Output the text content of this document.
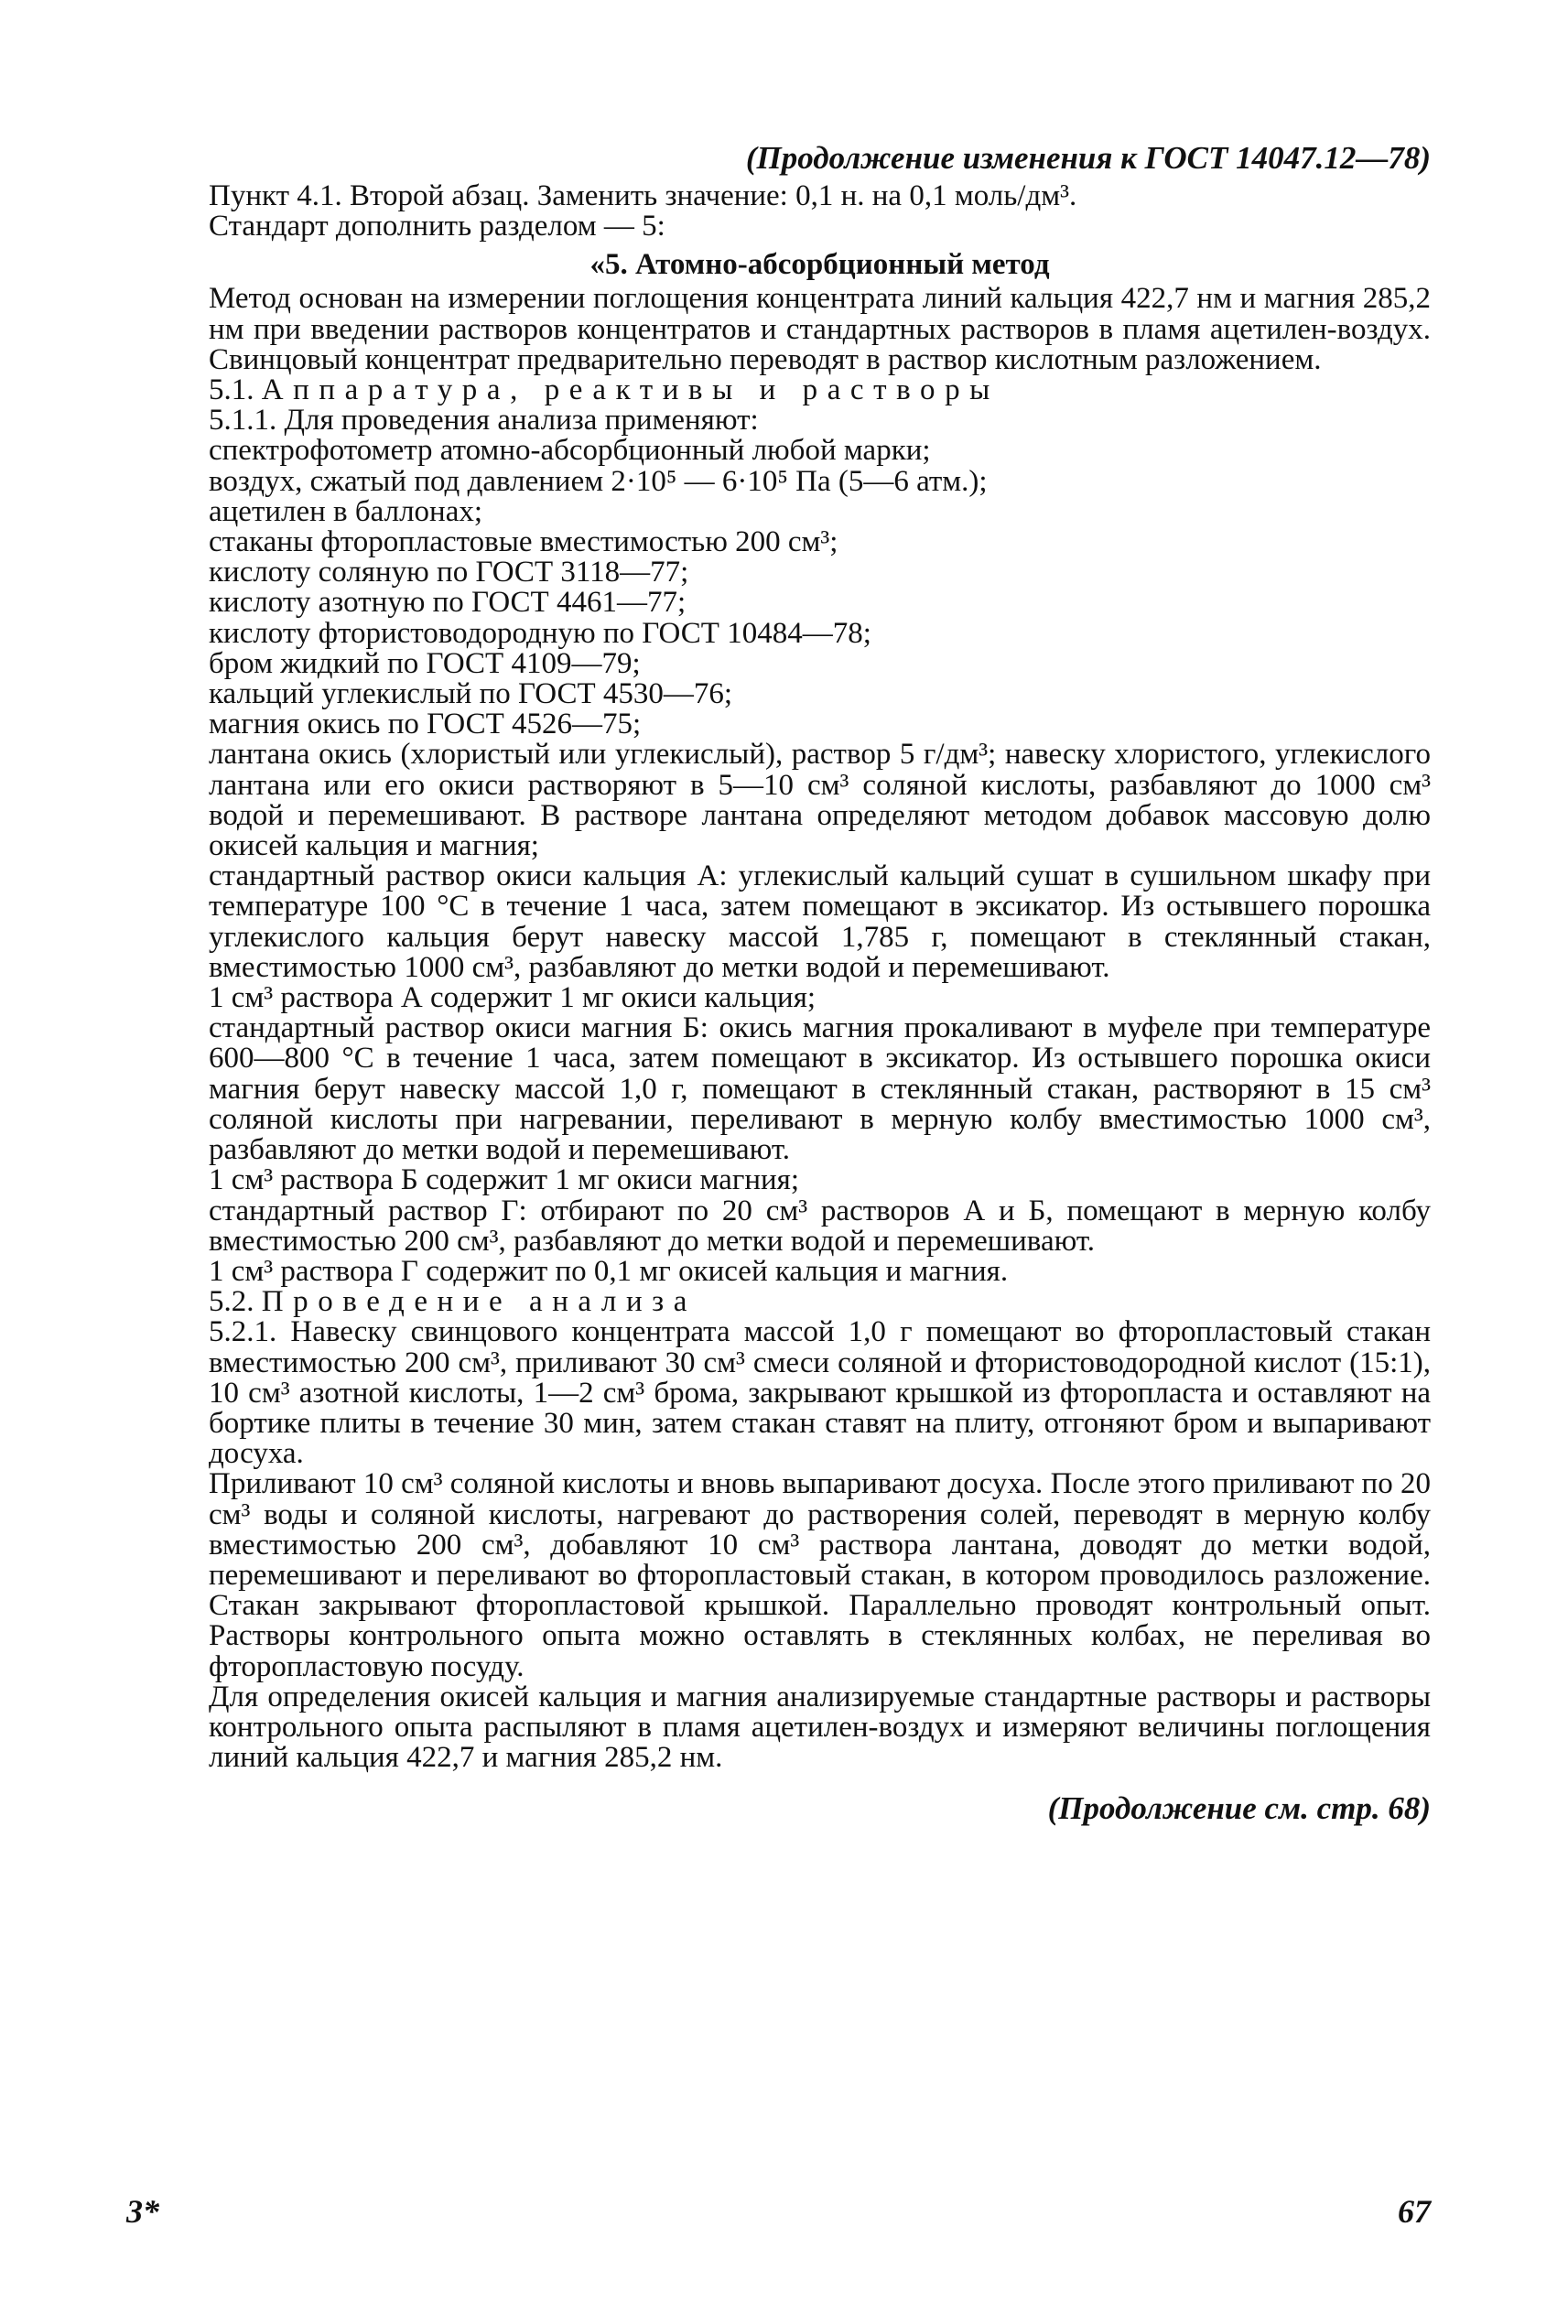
(Продолжение изменения к ГОСТ 14047.12—78)

Пункт 4.1. Второй абзац. Заменить значение: 0,1 н. на 0,1 моль/дм³.

Стандарт дополнить разделом — 5:

«5. Атомно-абсорбционный метод

Метод основан на измерении поглощения концентрата линий кальция 422,7 нм и магния 285,2 нм при введении растворов концентратов и стандартных растворов в пламя ацетилен-воздух. Свинцовый концентрат предварительно переводят в раствор кислотным разложением.

5.1. Аппаратура, реактивы и растворы

5.1.1. Для проведения анализа применяют:

спектрофотометр атомно-абсорбционный любой марки;

воздух, сжатый под давлением 2·10⁵ — 6·10⁵ Па (5—6 атм.);

ацетилен в баллонах;

стаканы фторопластовые вместимостью 200 см³;

кислоту соляную по ГОСТ 3118—77;

кислоту азотную по ГОСТ 4461—77;

кислоту фтористоводородную по ГОСТ 10484—78;

бром жидкий по ГОСТ 4109—79;

кальций углекислый по ГОСТ 4530—76;

магния окись по ГОСТ 4526—75;

лантана окись (хлористый или углекислый), раствор 5 г/дм³; навеску хлористого, углекислого лантана или его окиси растворяют в 5—10 см³ соляной кислоты, разбавляют до 1000 см³ водой и перемешивают. В растворе лантана определяют методом добавок массовую долю окисей кальция и магния;

стандартный раствор окиси кальция А: углекислый кальций сушат в сушильном шкафу при температуре 100 °С в течение 1 часа, затем помещают в эксикатор. Из остывшего порошка углекислого кальция берут навеску массой 1,785 г, помещают в стеклянный стакан, вместимостью 1000 см³, разбавляют до метки водой и перемешивают.

1 см³ раствора А содержит 1 мг окиси кальция;

стандартный раствор окиси магния Б: окись магния прокаливают в муфеле при температуре 600—800 °С в течение 1 часа, затем помещают в эксикатор. Из остывшего порошка окиси магния берут навеску массой 1,0 г, помещают в стеклянный стакан, растворяют в 15 см³ соляной кислоты при нагревании, переливают в мерную колбу вместимостью 1000 см³, разбавляют до метки водой и перемешивают.

1 см³ раствора Б содержит 1 мг окиси магния;

стандартный раствор Г: отбирают по 20 см³ растворов А и Б, помещают в мерную колбу вместимостью 200 см³, разбавляют до метки водой и перемешивают.

1 см³ раствора Г содержит по 0,1 мг окисей кальция и магния.

5.2. Проведение анализа

5.2.1. Навеску свинцового концентрата массой 1,0 г помещают во фторопластовый стакан вместимостью 200 см³, приливают 30 см³ смеси соляной и фтористоводородной кислот (15:1), 10 см³ азотной кислоты, 1—2 см³ брома, закрывают крышкой из фторопласта и оставляют на бортике плиты в течение 30 мин, затем стакан ставят на плиту, отгоняют бром и выпаривают досуха.

Приливают 10 см³ соляной кислоты и вновь выпаривают досуха. После этого приливают по 20 см³ воды и соляной кислоты, нагревают до растворения солей, переводят в мерную колбу вместимостью 200 см³, добавляют 10 см³ раствора лантана, доводят до метки водой, перемешивают и переливают во фторопластовый стакан, в котором проводилось разложение. Стакан закрывают фторопластовой крышкой. Параллельно проводят контрольный опыт. Растворы контрольного опыта можно оставлять в стеклянных колбах, не переливая во фторопластовую посуду.

Для определения окисей кальция и магния анализируемые стандартные растворы и растворы контрольного опыта распыляют в пламя ацетилен-воздух и измеряют величины поглощения линий кальция 422,7 и магния 285,2 нм.

(Продолжение см. стр. 68)
3*	67
